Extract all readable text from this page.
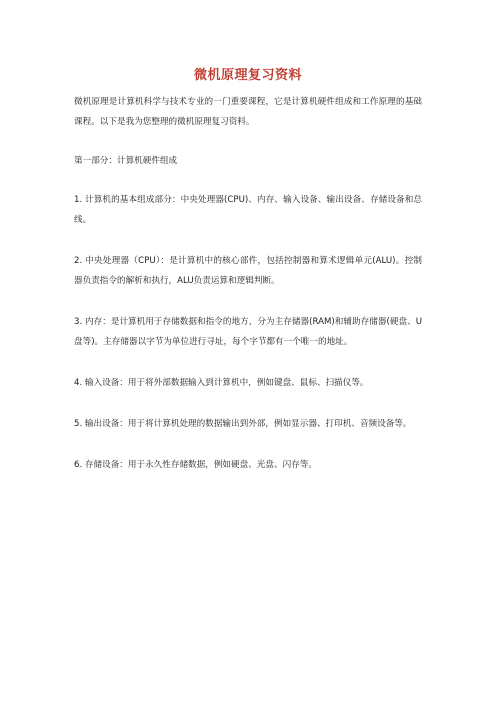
微机原理复习资料

微机原理是计算机科学与技术专业的一门重要课程，它是计算机硬件组成和工作原理的基础课程。以下是我为您整理的微机原理复习资料。

第一部分：计算机硬件组成

1. 计算机的基本组成部分：中央处理器(CPU)、内存、输入设备、输出设备、存储设备和总线。

2. 中央处理器（CPU）：是计算机中的核心部件，包括控制器和算术逻辑单元(ALU)。控制器负责指令的解析和执行，ALU负责运算和逻辑判断。

3. 内存：是计算机用于存储数据和指令的地方，分为主存储器(RAM)和辅助存储器(硬盘、U盘等)。主存储器以字节为单位进行寻址，每个字节都有一个唯一的地址。

4. 输入设备：用于将外部数据输入到计算机中，例如键盘、鼠标、扫描仪等。

5. 输出设备：用于将计算机处理的数据输出到外部，例如显示器、打印机、音频设备等。

6. 存储设备：用于永久性存储数据，例如硬盘、光盘、闪存等。
